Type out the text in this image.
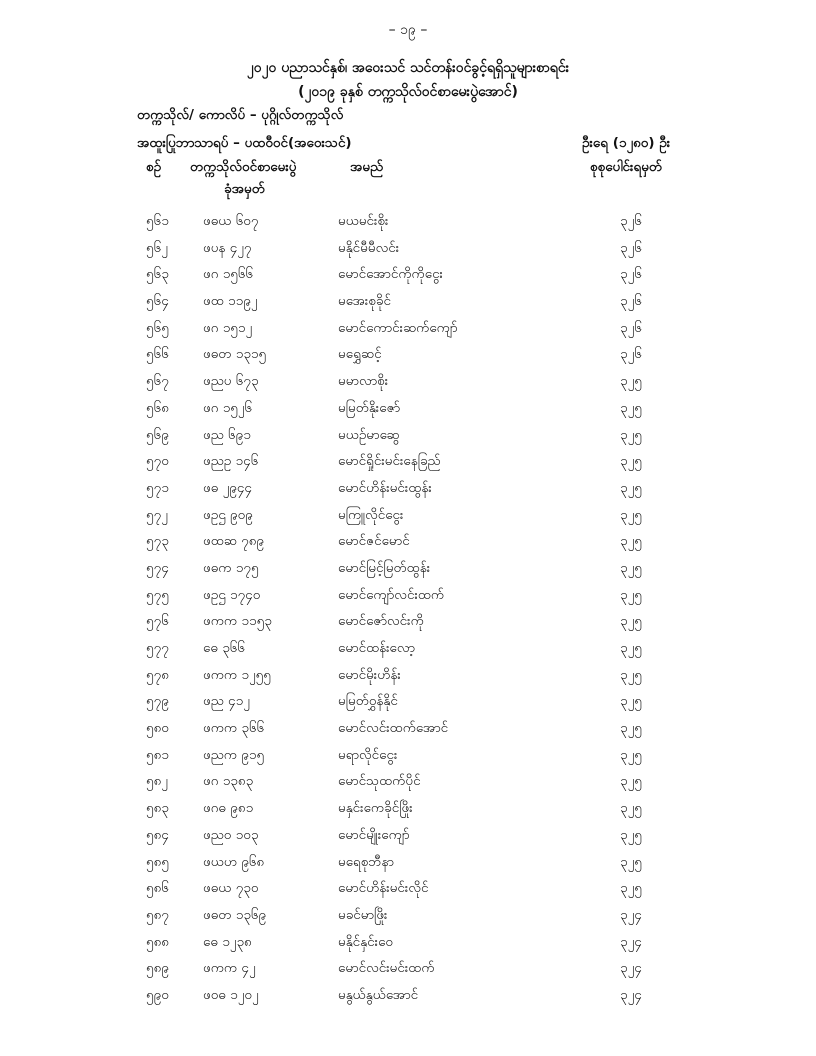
– ၁၉ –
၂၀၂၀ ပညာသင်နှစ်၊ အဝေးသင် သင်တန်းဝင်ခွင့်ရရှိသူများစာရင်း
(၂၀၁၉ ခုနှစ် တက္ကသိုလ်ဝင်စာမေးပွဲအောင်)
တက္ကသိုလ်/ ကောလိပ် – ပုဂ္ဂိုလ်တက္ကသိုလ်
အထူးပြုဘာသာရပ် – ပထဝီဝင်(အဝေးသင်)	ဦးရေ (၁၂၈၀) ဦး
စဉ် တက္ကသိုလ်ဝင်စာမေးပွဲ
ခုံအမှတ်
အမည်	စုစုပေါင်းရမှတ်
၅၆၁	ဖဓယ ၆၀၇	မယမင်းစိုး	၃၂၆
၅၆၂	ဖပန ၄၂၇	မနိုင်မီမီလင်း	၃၂၆
၅၆၃	ဖဂ ၁၅၆၆	မောင်အောင်ကိုကိုငွေး	၃၂၆
၅၆၄	ဖထ ၁၁၉၂	မအေးစုခိုင်	၃၂၆
၅၆၅	ဖဂ ၁၅၁၂	မောင်ကောင်းဆက်ကျော်	၃၂၆
၅၆၆	ဖဓတ ၁၃၁၅	မရွှေဆင့်	၃၂၆
၅၆၇	ဖညပ ၆၇၃	မမာလာစိုး	၃၂၅
၅၆၈	ဖဂ ၁၅၂၆	မမြတ်နိုးဇော်	၃၂၅
၅၆၉	ဖည ၆၉၁	မယဉ်မာဆွေ	၃၂၅
၅၇၀	ဖညဥ ၁၄၆	မောင်ရှိုင်းမင်းနေခြည်	၃၂၅
၅၇၁	ဖဓ ၂၉၄၄	မောင်ဟိန်းမင်းထွန်း	၃၂၅
၅၇၂	ဖဥဌ ၉၀၉	မကြူလိုင်ငွေး	၃၂၅
၅၇၃	ဖထဆ ၇၈၉	မောင်ဇင်မောင်	၃၂၅
၅၇၄	ဖဓက ၁၇၅	မောင်မြင့်မြတ်ထွန်း	၃၂၅
၅၇၅	ဖဥဌ ၁၇၄၀	မောင်ကျော်လင်းထက်	၃၂၅
၅၇၆	ဖကက ၁၁၅၃	မောင်ဇော်လင်းကို	၃၂၅
၅၇၇	ဓေ ၃၆၆	မောင်ထန်းလော့	၃၂၅
၅၇၈	ဖကက ၁၂၅၅	မောင်မိုးဟိန်း	၃၂၅
၅၇၉	ဖည ၄၁၂	မမြတ်ဝွှန်နိုင်	၃၂၅
၅၈၀	ဖကက ၃၆၆	မောင်လင်းထက်အောင်	၃၂၅
၅၈၁	ဖညက ၉၁၅	မရာလိုင်ငွေး	၃၂၅
၅၈၂	ဖဂ ၁၃၈၃	မောင်သုထက်ပိုင်	၃၂၅
၅၈၃	ဖဂဓ ၉၈၁	မနှင်းကေခိုင်ဖြိုး	၃၂၅
၅၈၄	ဖညဝ ၁၀၃	မောင်မျိုးကျော်	၃၂၅
၅၈၅	ဖယဟ ၉၆၈	မရေစုဘီနာ	၃၂၅
၅၈၆	ဖဓယ ၇၃၀	မောင်ဟိန်းမင်းလိုင်	၃၂၅
၅၈၇	ဖဓတ ၁၃၆၉	မခင်မာဖြိုး	၃၂၄
၅၈၈	ဓေ ၁၂၃၈	မနိုင်နှင်းဝေ	၃၂၄
၅၈၉	ဖကက ၄၂	မောင်လင်းမင်းထက်	၃၂၄
၅၉၀	ဖဝဓ ၁၂၀၂	မနွယ်နွယ်အောင်	၃၂၄
